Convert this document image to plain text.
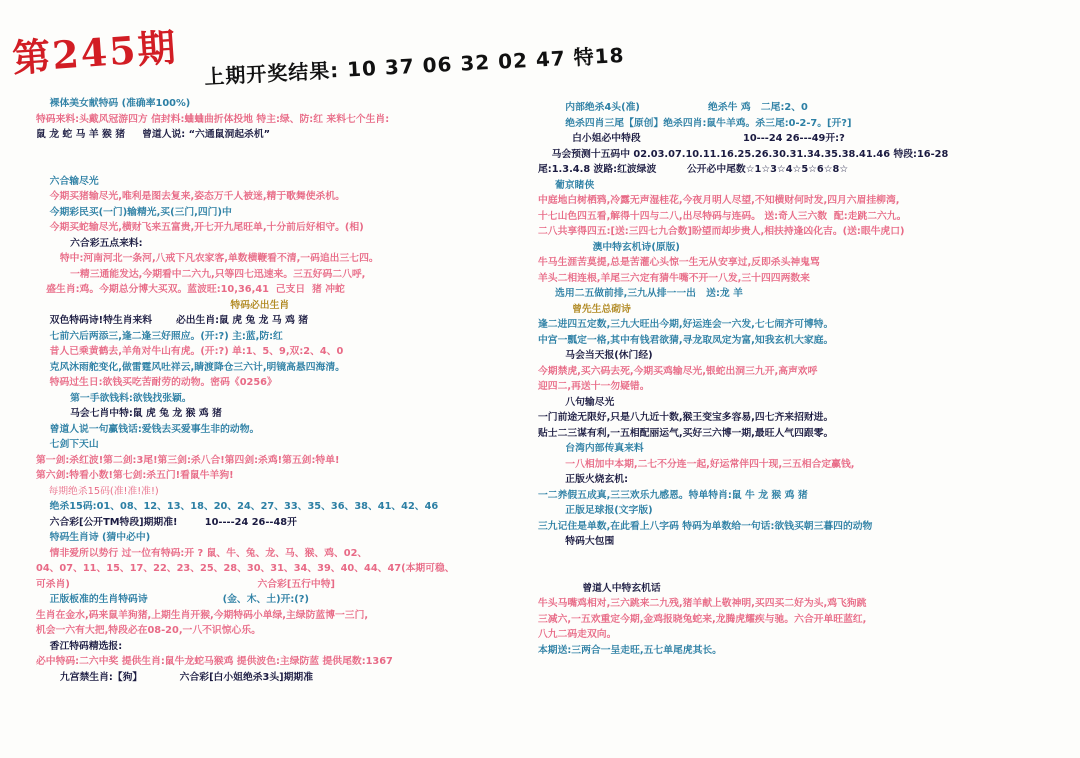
第245期 上期开奖结果: 10 37 06 32 02 47 特18
裸体美女献特码 (准确率100%)
特码来料:头戴风冠游四方 信封料:蛐蛐曲折体投地 特主:绿、防:红 来料七个生肖:
鼠 龙 蛇 马 羊 猴 猪     曾道人说: “六通鼠洞起杀机”
六合输尽光
今期买猪输尽光,唯利是图去复来,姿态万千人被迷,精于歌舞使杀机。
今期彩民买(一门)输精光,买(三门,四门)中
今期买蛇输尽光,横财飞来五富贵,开七开九尾旺单,十分前后好相守。(相)
六合彩五点来料:
特中:河南河北一条河,八戒下凡农家客,单数横鞭看不清,一码追出三七四。
一精三通能发达,今期看中二六九,只等四七迅速来。三五好码二八呼,
盛生肖:鸡。今期总分博大买双。蓝波旺:10,36,41  己支日  猪 冲蛇
特码必出生肖
双色特码诗!特生肖来料       必出生肖:鼠 虎 兔 龙 马 鸡 猪
七前六后两添三,逢二逢三好照应。(开:?) 主:蓝,防:红
昔人已乘黄鹤去,羊角对牛山有虎。(开:?) 单:1、5、9,双:2、4、0
克风沐雨舵变化,做雷霆风吐祥云,睛渡降仓三六计,明镜高悬四海清。
特码过生日:欲钱买吃苦耐劳的动物。密码《0256》
第一手欲钱料:欲钱找张颖。
马会七肖中特:鼠 虎 兔 龙 猴 鸡 猪
曾道人说一句赢钱话:爱钱去买爱事生非的动物。
七剑下天山
第一剑:杀红波!第二剑:3尾!第三剑:杀八合!第四剑:杀鸡!第五剑:特单!
第六剑:特看小数!第七剑:杀五门!看鼠牛羊狗!
每期绝杀15码(准!准!准!)
绝杀15码:01、08、12、13、18、20、24、27、33、35、36、38、41、42、46
六合彩[公开TM特段]期期准!        10----24 26--48开
特码生肖诗 (猜中必中)
情非爱所以势行 过一位有特码:开 ? 鼠、牛、兔、龙、马、猴、鸡、02、
04、07、11、15、17、22、23、25、28、30、31、34、39、40、44、47(本期可稳、
可杀肖)                                                       六合彩[五行中特]
正版板准的生肖特码诗                      (金、木、土)开:(?)
生肖在金水,码来鼠羊狗猪,上期生肖开猴,今期特码小单绿,主绿防蓝博一三门,
机会一六有大把,特段必在08-20,一八不识惊心乐。
香江特码精选报:
必中特码:二六中奖 提供生肖:鼠牛龙蛇马猴鸡 提供波色:主绿防蓝 提供尾数:1367
九宫禁生肖:【狗】           六合彩[白小姐绝杀3头]期期准
内部绝杀4头(准)                    绝杀牛 鸡   二尾:2、0
绝杀四肖三尾【原创】绝杀四肖:鼠牛羊鸡。杀三尾:0-2-7。[开?]
白小姐必中特段                              10---24 26---49开:?
马会预测十五码中 02.03.07.10.11.16.25.26.30.31.34.35.38.41.46 特段:16-28
尾:1.3.4.8 波路:红波绿波         公开必中尾数☆1☆3☆4☆5☆6☆8☆
葡京睹侠
中庭地白树栖鸦,冷露无声湿桂花,今夜月明人尽望,不知横财何时发,四月六眉挂柳湾,
十七山色四五看,解得十四与二八,出尽特码与连码。 送:奇人三六数  配:走跳二六九。
二八共享得四五:[送:三四七九合数]盼望而却步贵人,相扶持逢凶化吉。(送:眼牛虎口)
澳中特玄机诗(原版)
牛马生涯苦莫提,总是苦灌心头惊一生无从安享过,反即杀头神鬼骂
羊头二相连根,羊尾三六定有猜牛嘴不开一八发,三十四四两数来
选用二五做前排,三九从排一一出   送:龙 羊
曾先生总砌诗
逢二进四五定数,三九大旺出今期,好运连会一六发,七七闹齐可博特。
中宫一瓢定一格,其中有钱君欲猜,寻龙取凤定为富,知我玄机大家庭。
马会当天报(休门经)
今期禁虎,买六码去死,今期买鸡输尽光,银蛇出洞三九开,高声欢呼
迎四二,再送十一勿疑错。
八句输尽光
一门前途无限好,只是八九近十数,猴王变宝多容易,四七齐来招财进。
贴士二三谋有利,一五相配丽运气,买好三六博一期,最旺人气四跟零。
台湾内部传真来料
一八相加中本期,二七不分连一起,好运常伴四十现,三五相合定赢钱,
正版火烧玄机:
一二养假五成真,三三欢乐九感恩。特单特肖:鼠 牛 龙 猴 鸡 猪
正版足球报(文字版)
三九记住是单数,在此看上八字码 特码为单数给一句话:欲钱买朝三暮四的动物
特码大包围
曾道人中特玄机话
牛头马嘴鸡相对,三六跳来二九残,猪羊献上敬神明,买四买二好为头,鸡飞狗跳
三减六,一五欢重定今期,金鸡报晓兔蛇来,龙腾虎耀疾与驰。六合开单旺蓝红,
八九二码走双向。
本期送:三两合一呈走旺,五七单尾虎其长。
